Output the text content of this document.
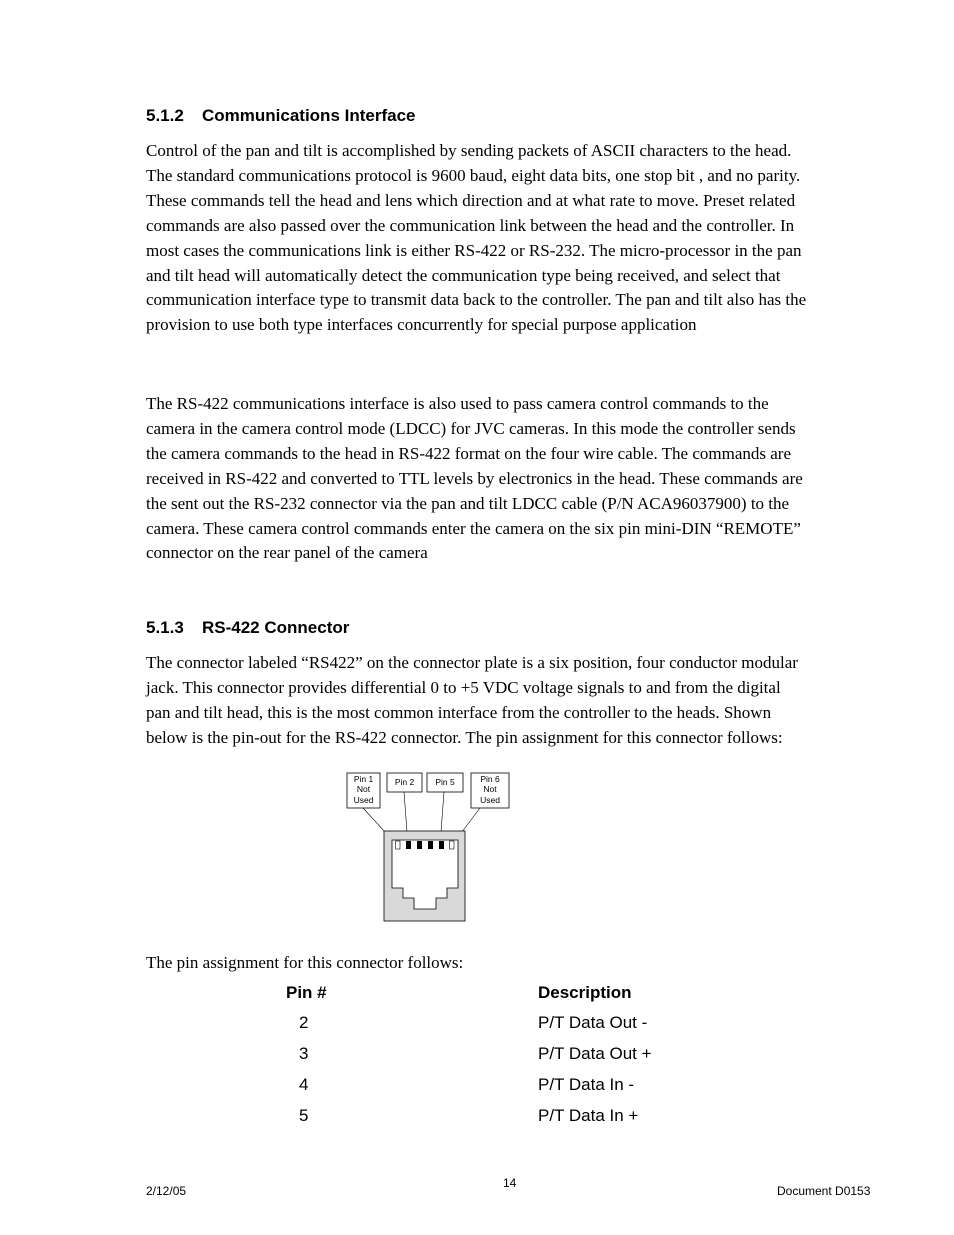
5.1.2 Communications Interface
Control of the pan and tilt is accomplished by sending packets of ASCII characters to the head.
The standard communications protocol is 9600 baud, eight data bits, one stop bit , and no parity.
These commands tell the head and lens which direction and at what rate to move. Preset related
commands are also passed over the communication link between the head and the controller. In
most cases the communications link is either RS-422 or RS-232. The micro-processor in the pan
and tilt head will automatically detect the communication type being received, and select that
communication interface type to transmit data back to the controller. The pan and tilt also has the
provision to use both type interfaces concurrently for special purpose application
The RS-422 communications interface is also used to pass camera control commands to the
camera in the camera control mode (LDCC) for JVC cameras. In this mode the controller sends
the camera commands to the head in RS-422 format on the four wire cable. The commands are
received in RS-422 and converted to TTL levels by electronics in the head. These commands are
the sent out the RS-232 connector via the pan and tilt LDCC cable (P/N ACA96037900) to the
camera. These camera control commands enter the camera on the six pin mini-DIN “REMOTE”
connector on the rear panel of the camera
5.1.3 RS-422 Connector
The connector labeled “RS422” on the connector plate is a six position, four conductor modular
jack. This connector provides differential 0 to +5 VDC voltage signals to and from the digital
pan and tilt head, this is the most common interface from the controller to the heads. Shown
below is the pin-out for the RS-422 connector. The pin assignment for this connector follows:
Pin 1
Not
Used
Pin 2 Pin 5	Pin 6
Not
Used
The pin assignment for this connector follows:
Pin #	Description
2	P/T Data Out -
3	P/T Data Out +
4	P/T Data In -
5	P/T Data In +
2/12/05
14
Document D0153
